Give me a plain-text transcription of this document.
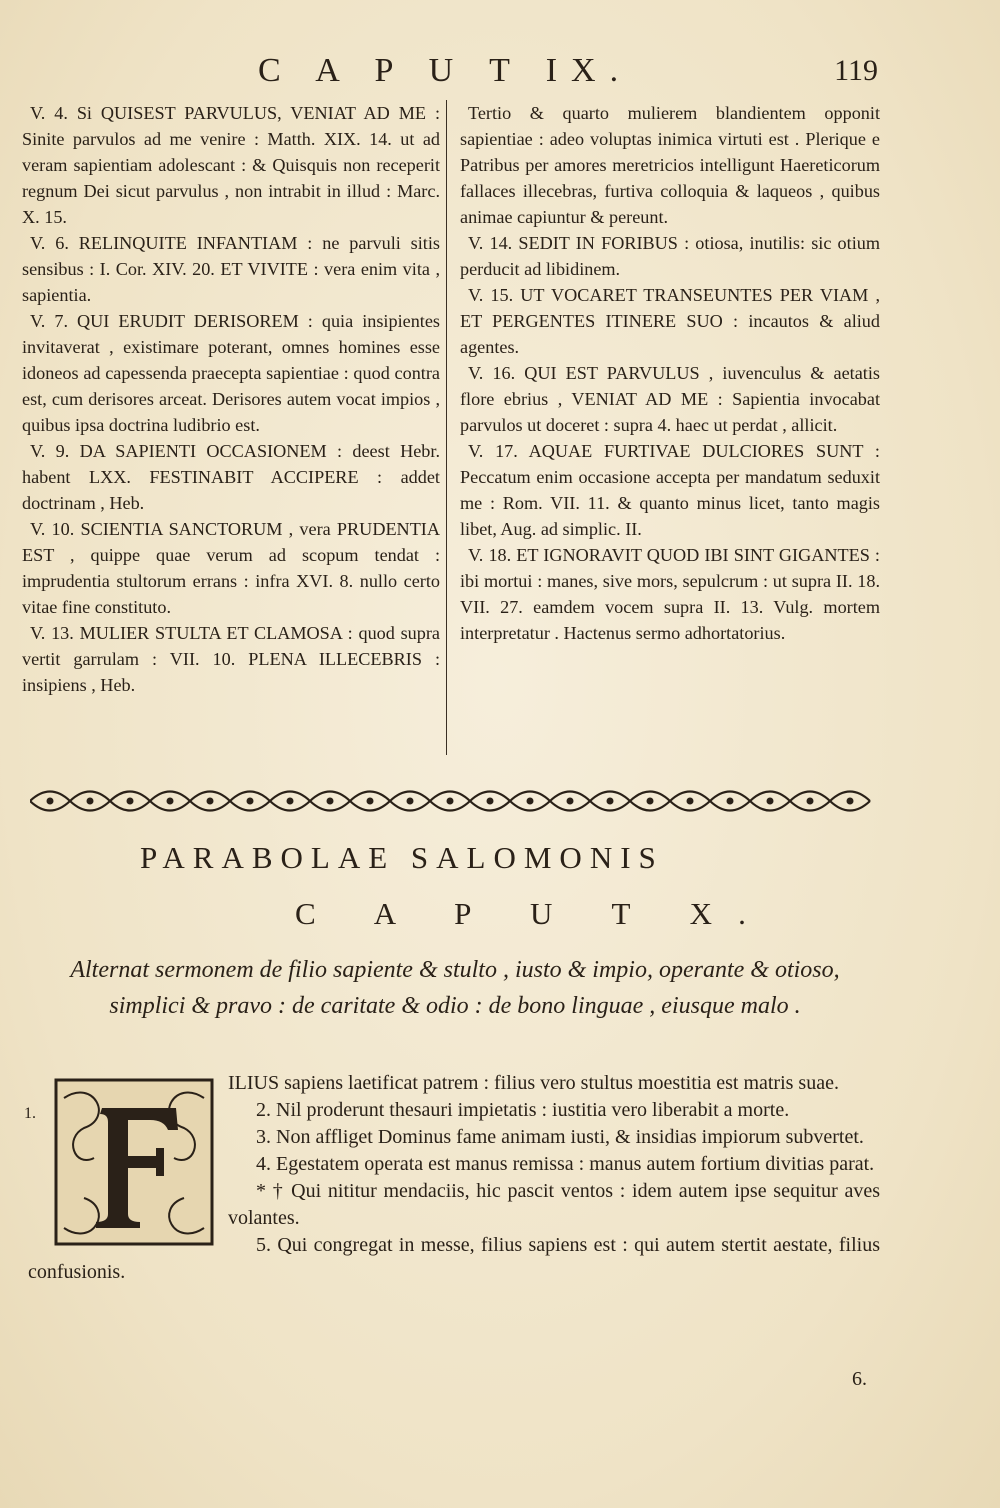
C A P U T IX.	119

V. 4. Si QUISEST PARVULUS, VENIAT AD ME : Sinite parvulos ad me venire : Matth. XIX. 14. ut ad veram sapientiam adolescant : & Quisquis non receperit regnum Dei sicut parvulus , non intrabit in illud : Marc. X. 15.

V. 6. RELINQUITE INFANTIAM : ne parvuli sitis sensibus : I. Cor. XIV. 20. ET VIVITE : vera enim vita , sapientia.

V. 7. QUI ERUDIT DERISOREM : quia insipientes invitaverat , existimare poterant, omnes homines esse idoneos ad capessenda praecepta sapientiae : quod contra est, cum derisores arceat. Derisores autem vocat impios , quibus ipsa doctrina ludibrio est.

V. 9. DA SAPIENTI OCCASIONEM : deest Hebr. habent LXX. FESTINABIT ACCIPERE : addet doctrinam , Heb.

V. 10. SCIENTIA SANCTORUM , vera PRUDENTIA EST , quippe quae verum ad scopum tendat : imprudentia stultorum errans : infra XVI. 8. nullo certo vitae fine constituto.

V. 13. MULIER STULTA ET CLAMOSA : quod supra vertit garrulam : VII. 10. PLENA ILLECEBRIS : insipiens , Heb.

Tertio & quarto mulierem blandientem opponit sapientiae : adeo voluptas inimica virtuti est . Plerique e Patribus per amores meretricios intelligunt Haereticorum fallaces illecebras, furtiva colloquia & laqueos , quibus animae capiuntur & pereunt.

V. 14. SEDIT IN FORIBUS : otiosa, inutilis: sic otium perducit ad libidinem.

V. 15. UT VOCARET TRANSEUNTES PER VIAM , ET PERGENTES ITINERE SUO : incautos & aliud agentes.

V. 16. QUI EST PARVULUS , iuvenculus & aetatis flore ebrius , VENIAT AD ME : Sapientia invocabat parvulos ut doceret : supra 4. haec ut perdat , allicit.

V. 17. AQUAE FURTIVAE DULCIORES SUNT : Peccatum enim occasione accepta per mandatum seduxit me : Rom. VII. 11. & quanto minus licet, tanto magis libet, Aug. ad simplic. II.

V. 18. ET IGNORAVIT QUOD IBI SINT GIGANTES : ibi mortui : manes, sive mors, sepulcrum : ut supra II. 18. VII. 27. eamdem vocem supra II. 13. Vulg. mortem interpretatur . Hactenus sermo adhortatorius.

PARABOLAE SALOMONIS
C A P U T X.
Alternat sermonem de filio sapiente & stulto , iusto & impio, operante & otioso, simplici & pravo : de caritate & odio : de bono linguae , eiusque malo .
1.

ILIUS sapiens laetificat patrem : filius vero stultus moestitia est matris suae.

2. Nil proderunt thesauri impietatis : iustitia vero liberabit a morte.

3. Non affliget Dominus fame animam iusti, & insidias impiorum subvertet.

4. Egestatem operata est manus remissa : manus autem fortium divitias parat.

* † Qui nititur mendaciis, hic pascit ventos : idem autem ipse sequitur aves volantes.

5. Qui congregat in messe, filius sapiens est : qui autem stertit aestate, filius confusionis.

6.
